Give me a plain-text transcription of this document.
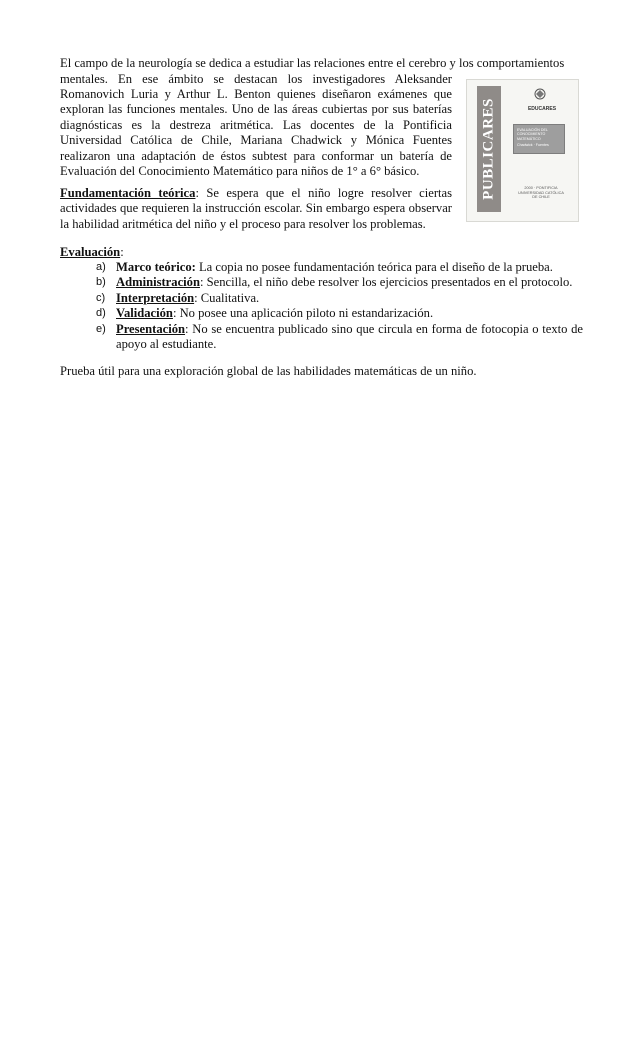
El campo de la neurología se dedica a estudiar las relaciones entre el cerebro y los comportamientos
mentales. En ese ámbito se destacan los investigadores Aleksander Romanovich Luria y Arthur L. Benton quienes diseñaron exámenes que exploran las funciones mentales. Uno de las áreas cubiertas por sus baterías diagnósticas es la destreza aritmética. Las docentes de la Pontificia Universidad Católica de Chile, Mariana Chadwick y Mónica Fuentes realizaron una adaptación de éstos subtest para conformar un batería de Evaluación del Conocimiento Matemático para niños de 1° a 6° básico.
Fundamentación teórica: Se espera que el niño logre resolver ciertas actividades que requieren la instrucción escolar. Sin embargo espera observar la habilidad aritmética del niño y el proceso para resolver los problemas.
Evaluación:
a) Marco teórico: La copia no posee fundamentación teórica para el diseño de la prueba.
b) Administración: Sencilla, el niño debe resolver los ejercicios presentados en el protocolo.
c) Interpretación: Cualitativa.
d) Validación: No posee una aplicación piloto ni estandarización.
e) Presentación: No se encuentra publicado sino que circula en forma de fotocopia o texto de apoyo al estudiante.
Prueba útil para una exploración global de las habilidades matemáticas de un niño.
PUBLICARES	EDUCARES
EVALUACIÓN DEL CONOCIMIENTO MATEMÁTICO
Chadwick · Fuentes
2000 · PONTIFICIA UNIVERSIDAD CATÓLICA DE CHILE
